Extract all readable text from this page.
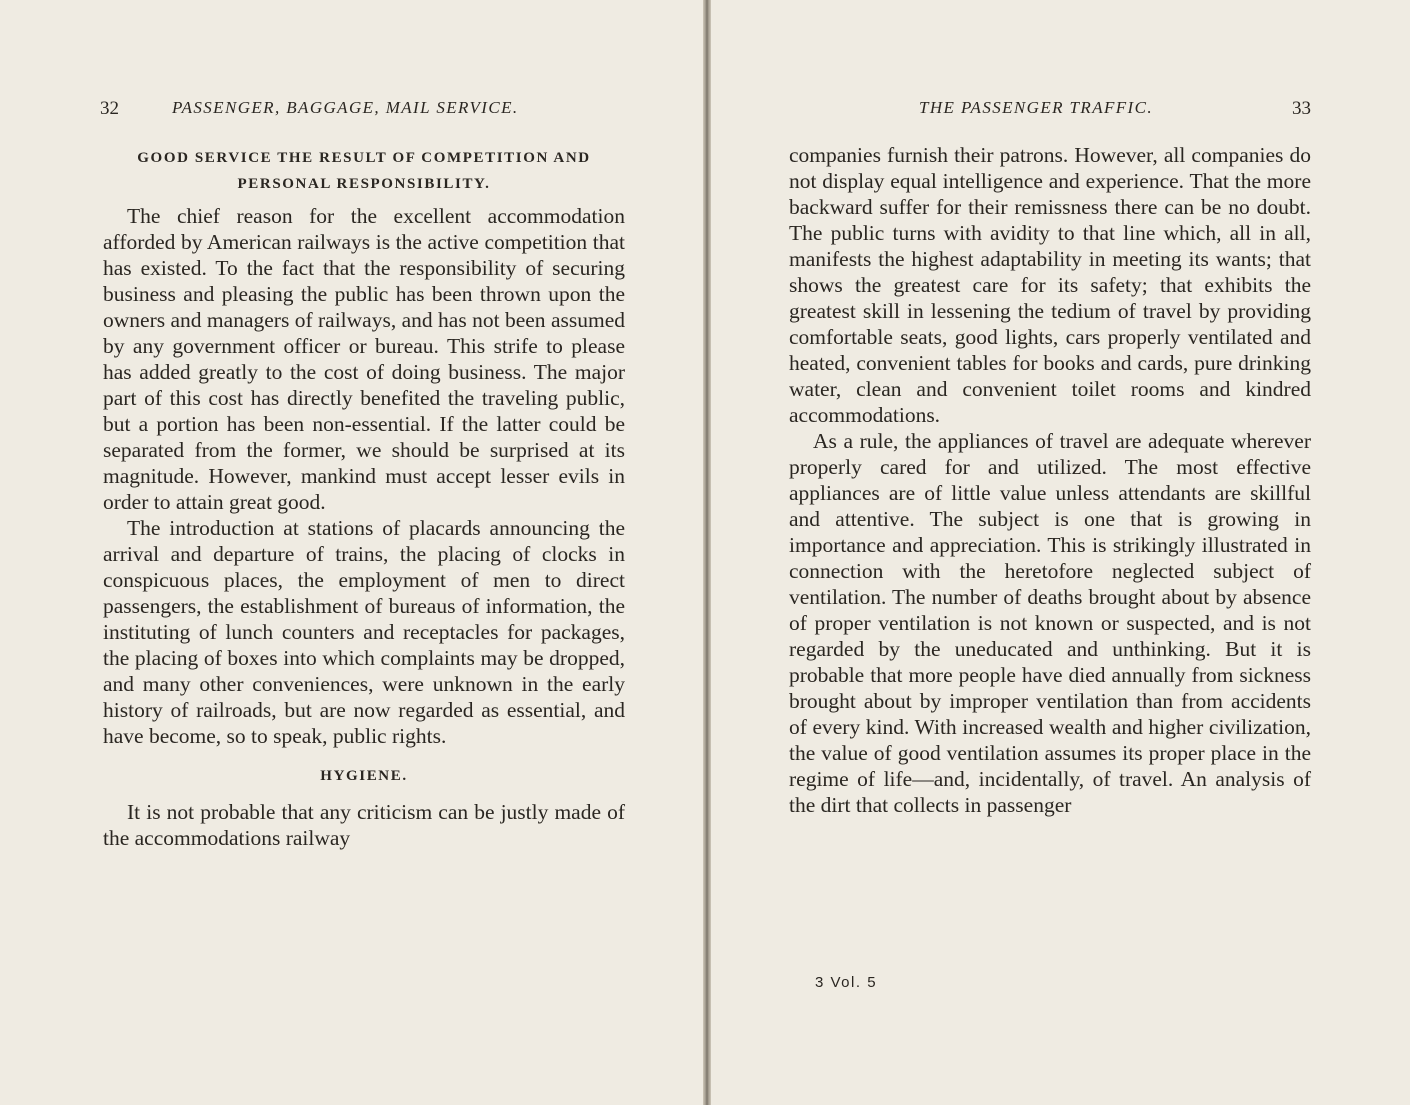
32	PASSENGER, BAGGAGE, MAIL SERVICE.
GOOD SERVICE THE RESULT OF COMPETITION AND PERSONAL RESPONSIBILITY.

The chief reason for the excellent accommodation afforded by American railways is the active competition that has existed. To the fact that the responsibility of securing business and pleasing the public has been thrown upon the owners and managers of railways, and has not been assumed by any government officer or bureau. This strife to please has added greatly to the cost of doing business. The major part of this cost has directly benefited the traveling public, but a portion has been non-essential. If the latter could be separated from the former, we should be surprised at its magnitude. However, mankind must accept lesser evils in order to attain great good.

The introduction at stations of placards announcing the arrival and departure of trains, the placing of clocks in conspicuous places, the employment of men to direct passengers, the establishment of bureaus of information, the instituting of lunch counters and receptacles for packages, the placing of boxes into which complaints may be dropped, and many other conveniences, were unknown in the early history of railroads, but are now regarded as essential, and have become, so to speak, public rights.

HYGIENE.

It is not probable that any criticism can be justly made of the accommodations railway

THE PASSENGER TRAFFIC.	33

companies furnish their patrons. However, all companies do not display equal intelligence and experience. That the more backward suffer for their remissness there can be no doubt. The public turns with avidity to that line which, all in all, manifests the highest adaptability in meeting its wants; that shows the greatest care for its safety; that exhibits the greatest skill in lessening the tedium of travel by providing comfortable seats, good lights, cars properly ventilated and heated, convenient tables for books and cards, pure drinking water, clean and convenient toilet rooms and kindred accommodations.

As a rule, the appliances of travel are adequate wherever properly cared for and utilized. The most effective appliances are of little value unless attendants are skillful and attentive. The subject is one that is growing in importance and appreciation. This is strikingly illustrated in connection with the heretofore neglected subject of ventilation. The number of deaths brought about by absence of proper ventilation is not known or suspected, and is not regarded by the uneducated and unthinking. But it is probable that more people have died annually from sickness brought about by improper ventilation than from accidents of every kind. With increased wealth and higher civilization, the value of good ventilation assumes its proper place in the regime of life—and, incidentally, of travel. An analysis of the dirt that collects in passenger

3 Vol. 5
